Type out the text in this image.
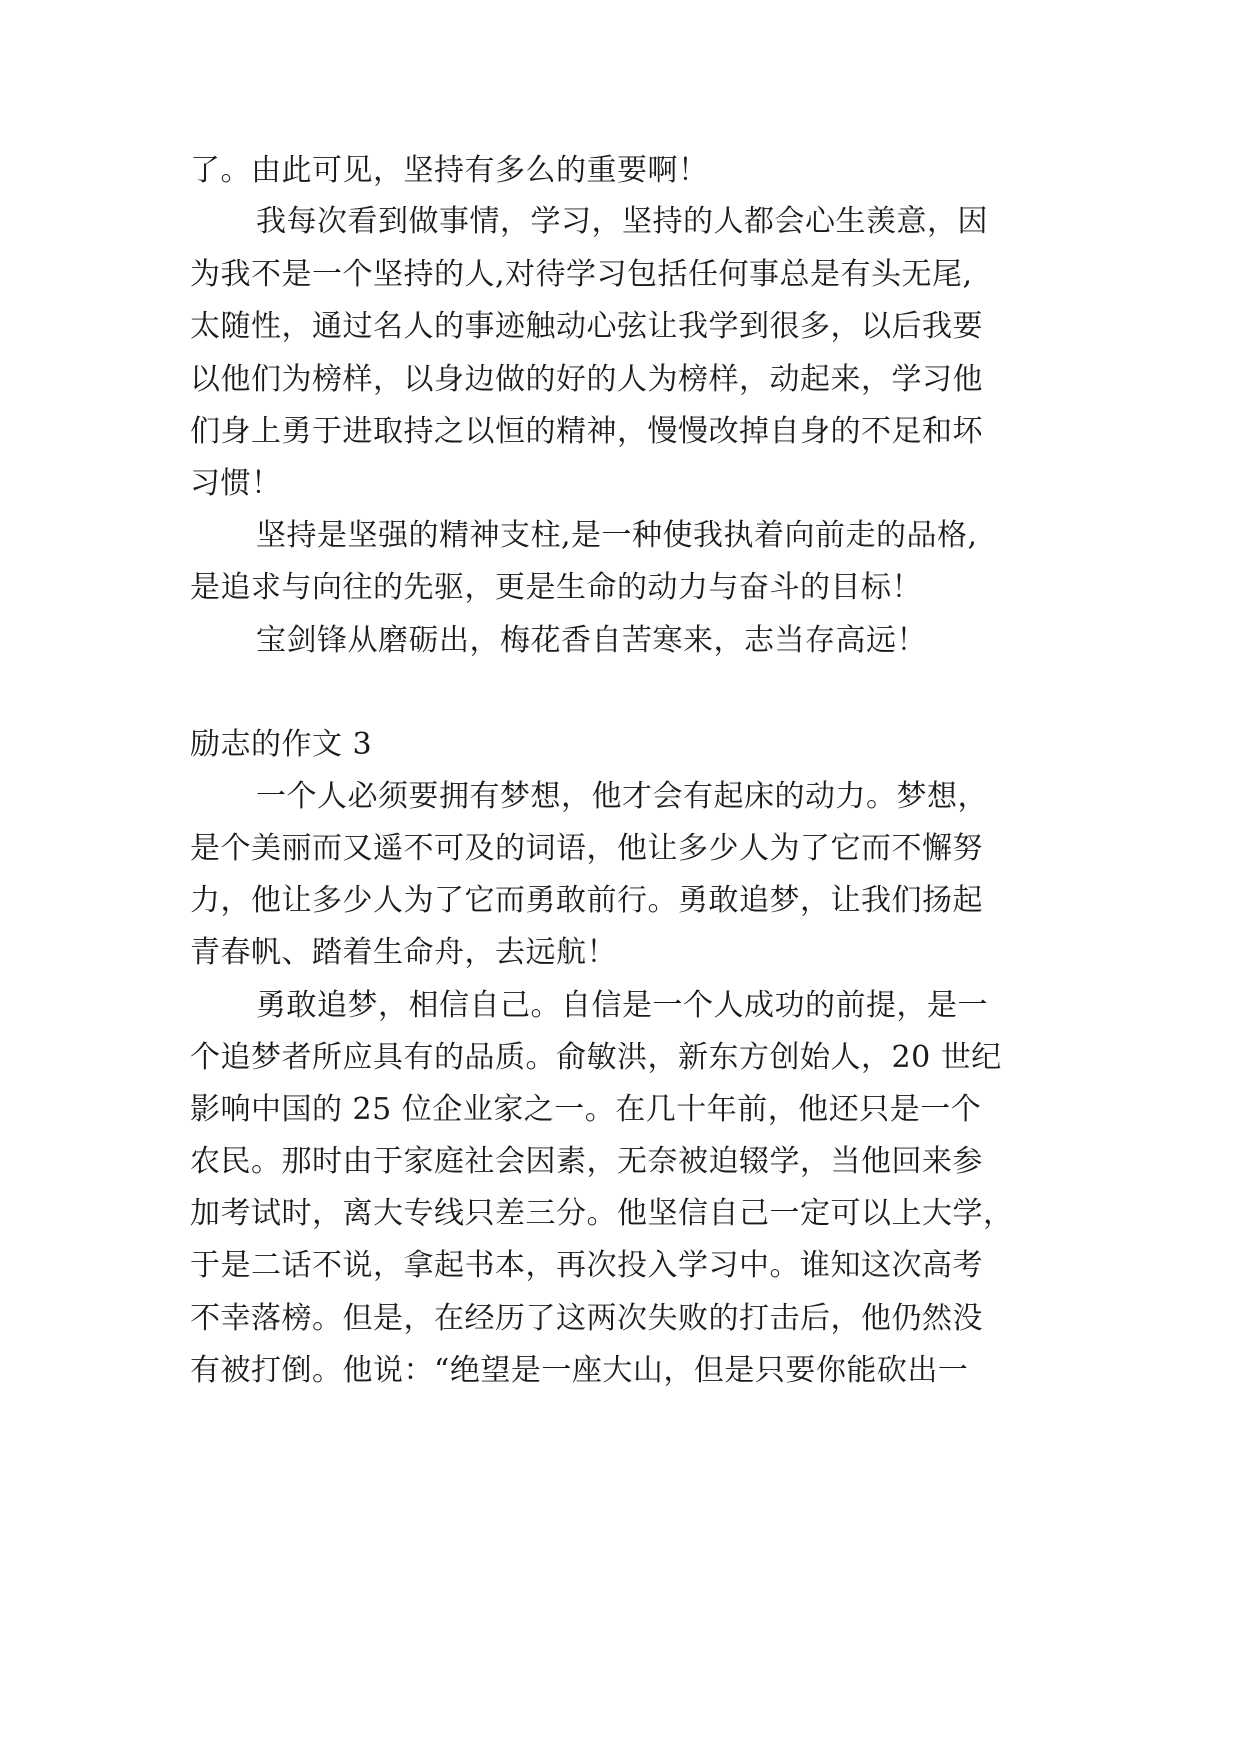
了。由此可见，坚持有多么的重要啊！
我每次看到做事情，学习，坚持的人都会心生羡意，因
为我不是一个坚持的人,对待学习包括任何事总是有头无尾,
太随性，通过名人的事迹触动心弦让我学到很多，以后我要
以他们为榜样，以身边做的好的人为榜样，动起来，学习他
们身上勇于进取持之以恒的精神，慢慢改掉自身的不足和坏
习惯！
坚持是坚强的精神支柱,是一种使我执着向前走的品格,
是追求与向往的先驱，更是生命的动力与奋斗的目标！
宝剑锋从磨砺出，梅花香自苦寒来，志当存高远！
励志的作文 3
一个人必须要拥有梦想，他才会有起床的动力。梦想，
是个美丽而又遥不可及的词语，他让多少人为了它而不懈努
力，他让多少人为了它而勇敢前行。勇敢追梦，让我们扬起
青春帆、踏着生命舟，去远航！
勇敢追梦，相信自己。自信是一个人成功的前提，是一
个追梦者所应具有的品质。俞敏洪，新东方创始人，20 世纪
影响中国的 25 位企业家之一。在几十年前，他还只是一个
农民。那时由于家庭社会因素，无奈被迫辍学，当他回来参
加考试时，离大专线只差三分。他坚信自己一定可以上大学，
于是二话不说，拿起书本，再次投入学习中。谁知这次高考
不幸落榜。但是，在经历了这两次失败的打击后，他仍然没
有被打倒。他说：“绝望是一座大山，但是只要你能砍出一
